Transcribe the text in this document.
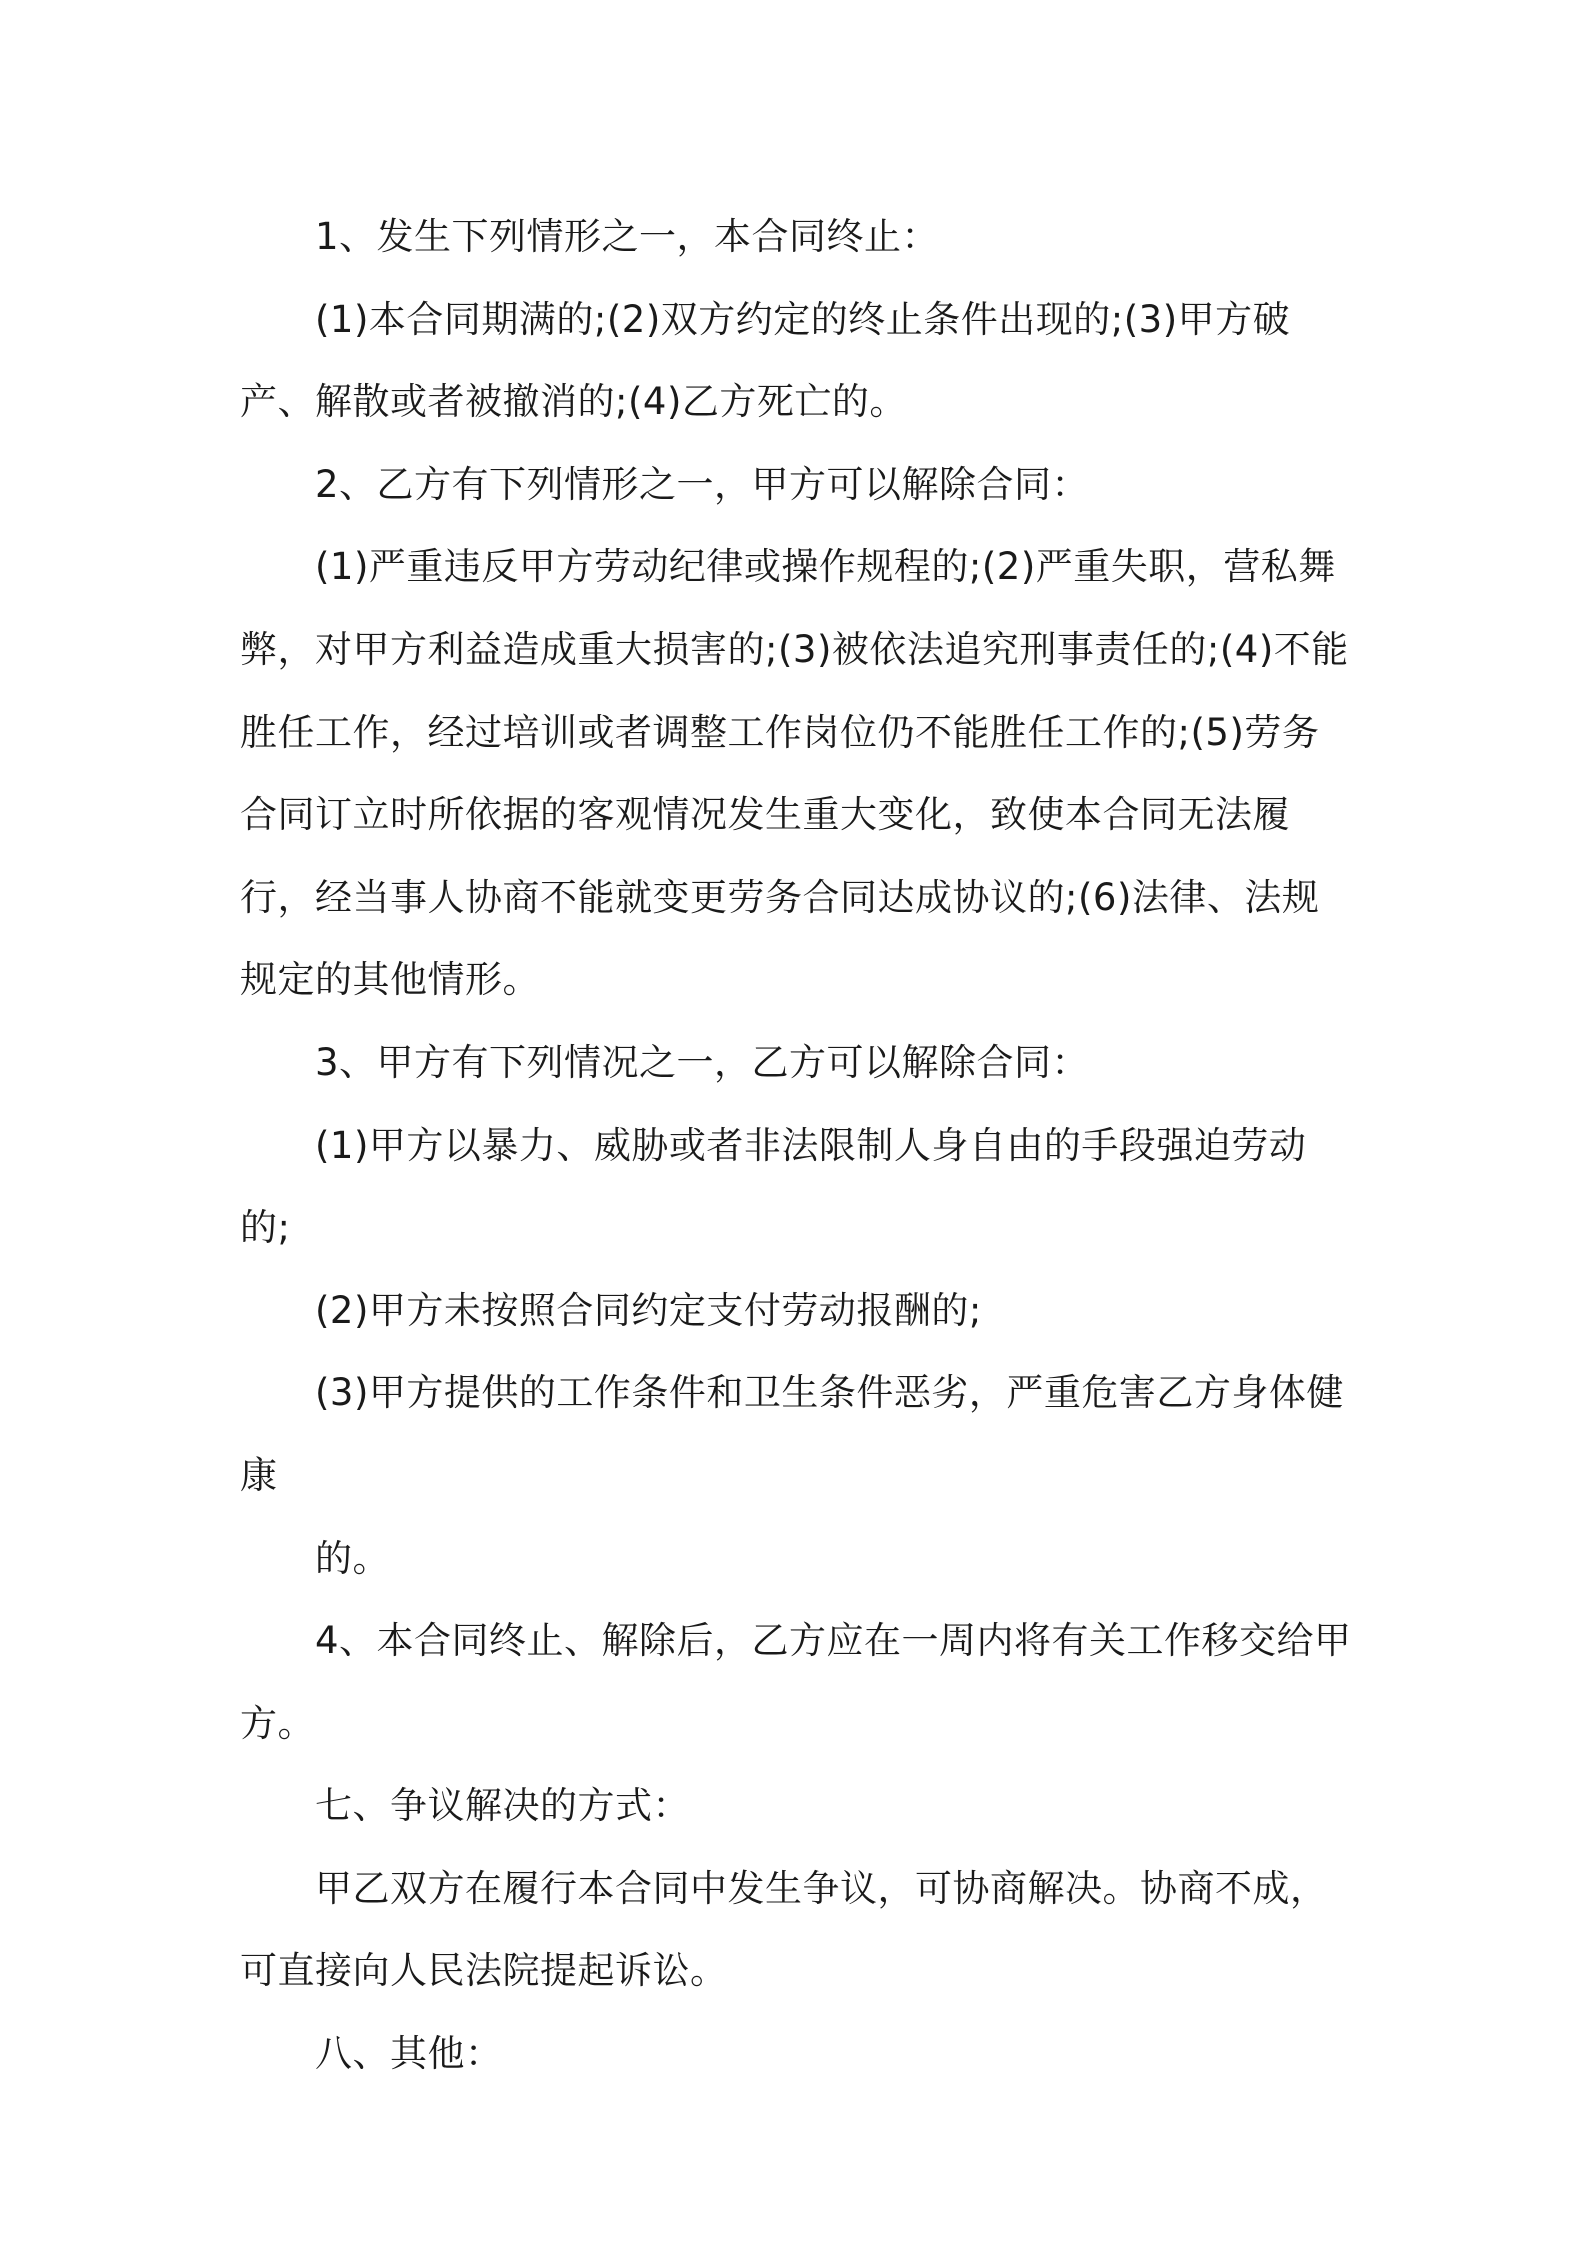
1、发生下列情形之一，本合同终止：

(1)本合同期满的;(2)双方约定的终止条件出现的;(3)甲方破产、解散或者被撤消的;(4)乙方死亡的。

2、乙方有下列情形之一，甲方可以解除合同：

(1)严重违反甲方劳动纪律或操作规程的;(2)严重失职，营私舞弊，对甲方利益造成重大损害的;(3)被依法追究刑事责任的;(4)不能胜任工作，经过培训或者调整工作岗位仍不能胜任工作的;(5)劳务合同订立时所依据的客观情况发生重大变化，致使本合同无法履行，经当事人协商不能就变更劳务合同达成协议的;(6)法律、法规规定的其他情形。

3、甲方有下列情况之一，乙方可以解除合同：

(1)甲方以暴力、威胁或者非法限制人身自由的手段强迫劳动的;

(2)甲方未按照合同约定支付劳动报酬的;

(3)甲方提供的工作条件和卫生条件恶劣，严重危害乙方身体健康

的。

4、本合同终止、解除后，乙方应在一周内将有关工作移交给甲方。

七、争议解决的方式：

甲乙双方在履行本合同中发生争议，可协商解决。协商不成，可直接向人民法院提起诉讼。

八、其他：
